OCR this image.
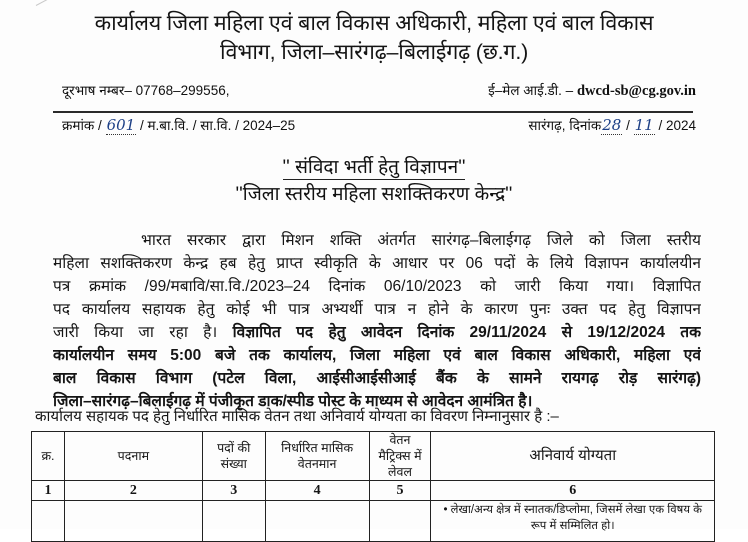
कार्यालय जिला महिला एवं बाल विकास अधिकारी, महिला एवं बाल विकास
विभाग, जिला–सारंगढ़–बिलाईगढ़ (छ.ग.)
दूरभाष नम्बर– 07768–299556,	ई–मेल आई.डी. – dwcd-sb@cg.gov.in
क्रमांक / 601 / म.बा.वि. / सा.वि. / 2024–25	सारंगढ़, दिनांक28 / 11 / 2024
'' संविदा भर्ती हेतु विज्ञापन''
''जिला स्तरीय महिला सशक्तिकरण केन्द्र''
भारत सरकार द्वारा मिशन शक्ति अंतर्गत सारंगढ़–बिलाईगढ़ जिले को जिला स्तरीय
महिला सशक्तिकरण केन्द्र हब हेतु प्राप्त स्वीकृति के आधार पर 06 पदों के लिये विज्ञापन कार्यालयीन
पत्र क्रमांक /99/मबावि/सा.वि./2023–24 दिनांक 06/10/2023 को जारी किया गया। विज्ञापित
पद कार्यालय सहायक हेतु कोई भी पात्र अभ्यर्थी पात्र न होने के कारण पुनः उक्त पद हेतु विज्ञापन
जारी किया जा रहा है। विज्ञापित पद हेतु आवेदन दिनांक 29/11/2024 से 19/12/2024 तक
कार्यालयीन समय 5:00 बजे तक कार्यालय, जिला महिला एवं बाल विकास अधिकारी, महिला एवं
बाल विकास विभाग (पटेल विला, आईसीआईसीआई बैंक के सामने रायगढ़ रोड़ सारंगढ़)
जिला–सारंगढ़–बिलाईगढ़ में पंजीकृत डाक/स्पीड पोस्ट के माध्यम से आवेदन आमंत्रित है।
कार्यालय सहायक पद हेतु निर्धारित मासिक वेतन तथा अनिवार्य योग्यता का विवरण निम्नानुसार है :–
क्र.	पदनाम	पदों की संख्या	निर्धारित मासिक वेतनमान	वेतन मैट्रिक्स में लेवल	अनिवार्य योग्यता
1	2	3	4	5	6

					• लेखा/अन्य क्षेत्र में स्नातक/डिप्लोमा, जिसमें लेखा एक विषय के रूप में सम्मिलित हो।
